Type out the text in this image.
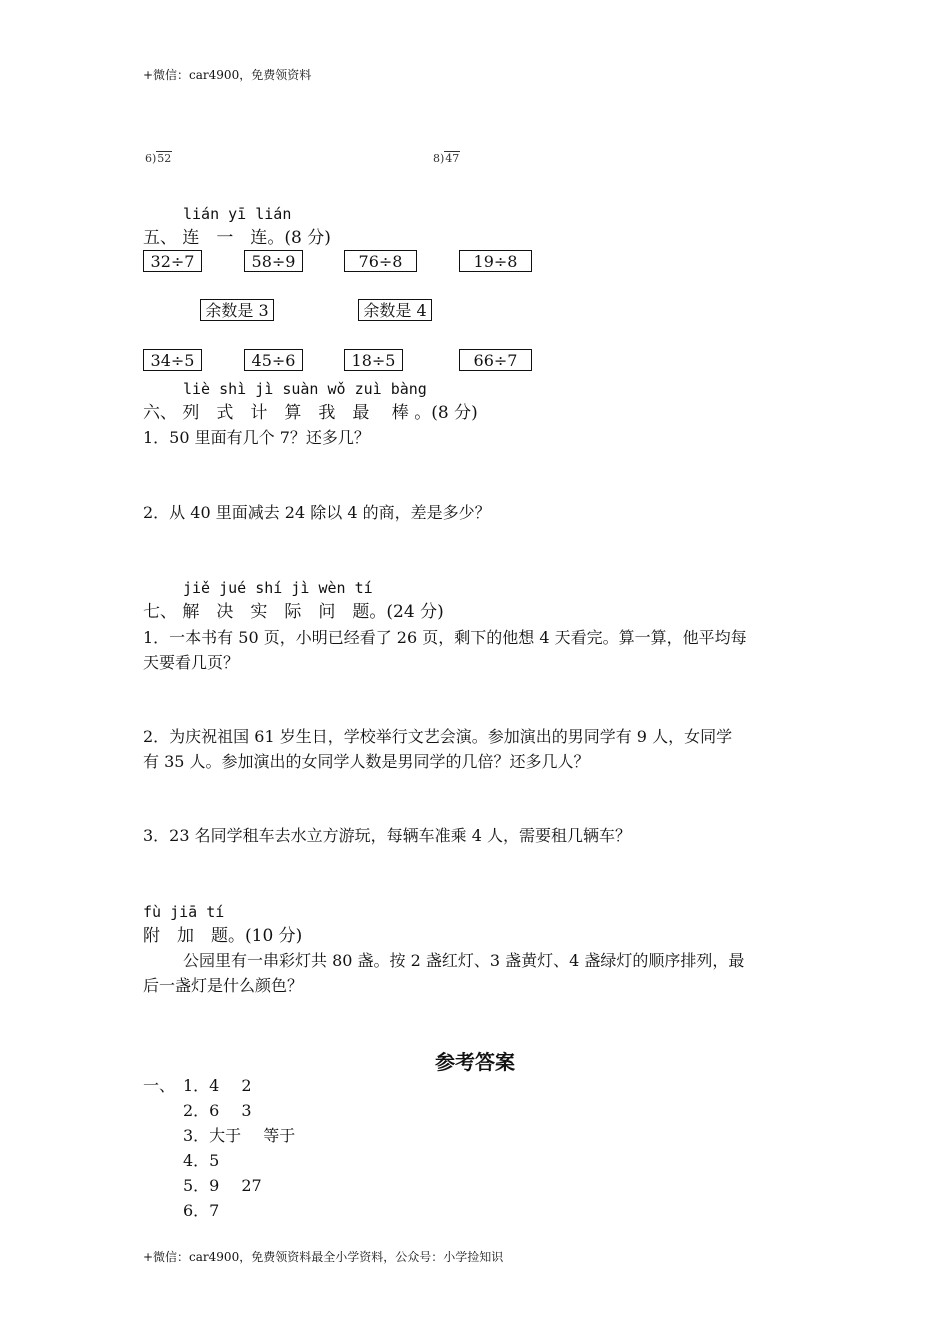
+微信：car4900，免费领资料
6)52	8)47
lián yī lián
五、 连　一　连。(8 分)
32÷7	58÷9	76÷8	19÷8
余数是 3	余数是 4
34÷5	45÷6	18÷5	66÷7
liè shì jì suàn wǒ zuì bàng
六、 列　式　计　算　我　最　 棒 。(8 分)
1．50 里面有几个 7？还多几？
2．从 40 里面减去 24 除以 4 的商，差是多少？
jiě jué shí jì wèn tí
七、 解　决　实　际　问　题。(24 分)
1．一本书有 50 页，小明已经看了 26 页，剩下的他想 4 天看完。算一算，他平均每
天要看几页？
2．为庆祝祖国 61 岁生日，学校举行文艺会演。参加演出的男同学有 9 人，女同学
有 35 人。参加演出的女同学人数是男同学的几倍？还多几人？
3．23 名同学租车去水立方游玩，每辆车准乘 4 人，需要租几辆车？
fù jiā tí
附　加　题。(10 分)
公园里有一串彩灯共 80 盏。按 2 盏红灯、3 盏黄灯、4 盏绿灯的顺序排列，最
后一盏灯是什么颜色？
参考答案
一、 1．4 2
2．6 3
3．大于 等于
4．5
5．9 27
6．7
+微信：car4900，免费领资料最全小学资料，公众号：小学捡知识
